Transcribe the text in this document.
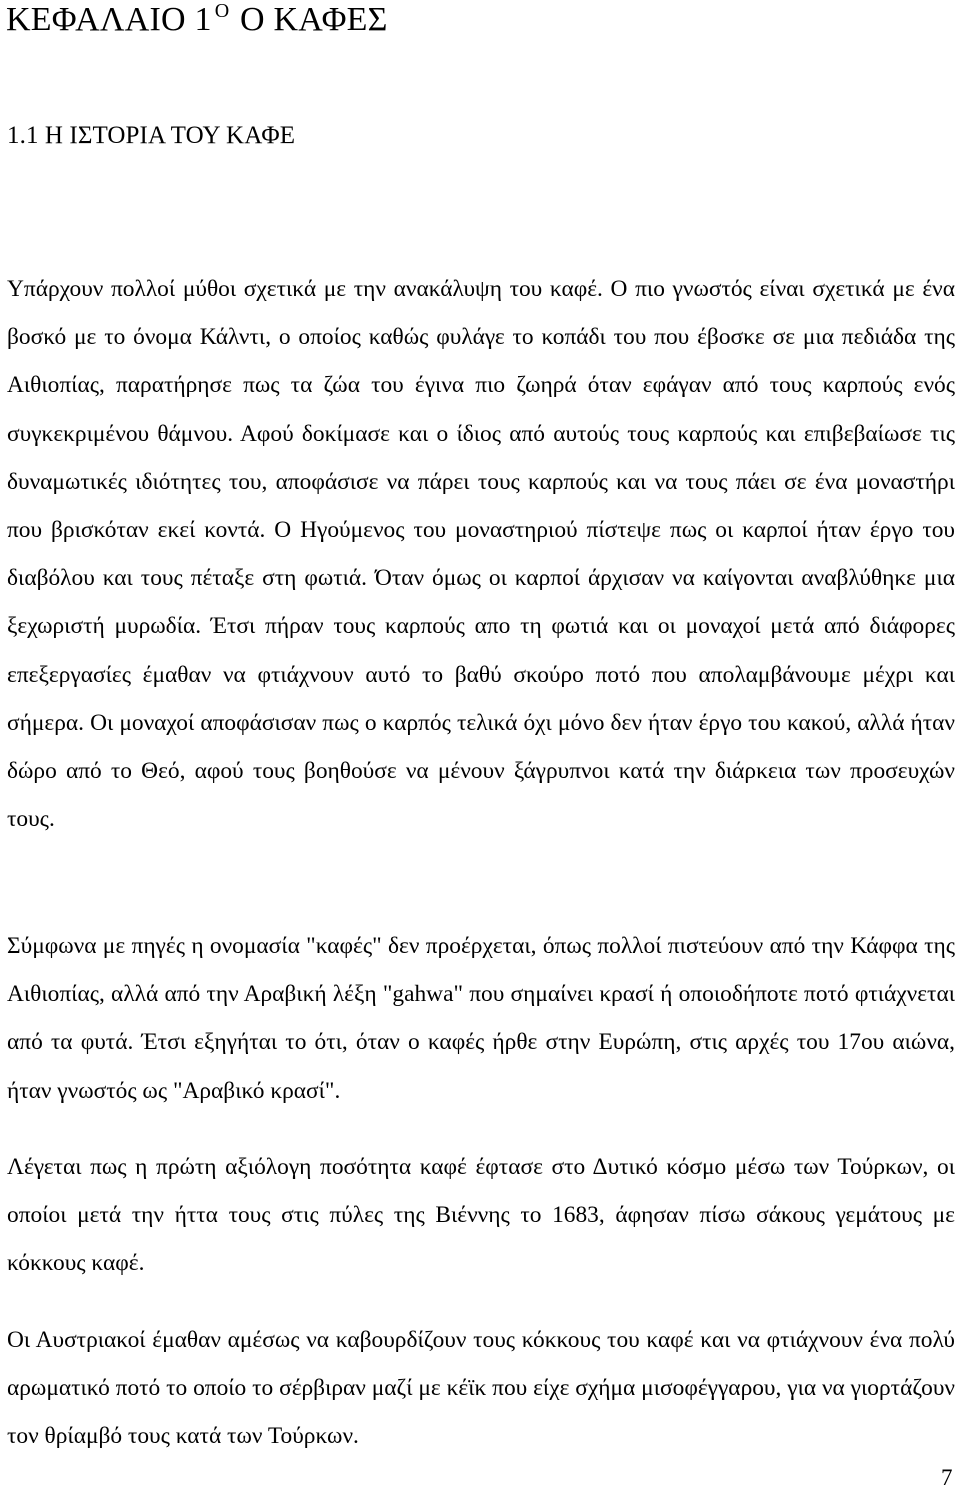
ΚΕΦΑΛΑΙΟ 1 $^O$ Ο ΚΑΦΕΣ
1.1 Η ΙΣΤΟΡΙΑ ΤΟΥ ΚΑΦΕ

Υπάρχουν πολλοί μύθοι σχετικά με την ανακάλυψη του καφέ. Ο πιο γνωστός είναι σχετικά με ένα βοσκό με το όνομα Κάλντι, ο οποίος καθώς φυλάγε το κοπάδι του που έβοσκε σε μια πεδιάδα της Αιθιοπίας, παρατήρησε πως τα ζώα του έγινα πιο ζωηρά όταν εφάγαν από τους καρπούς ενός συγκεκριμένου θάμνου. Αφού δοκίμασε και ο ίδιος από αυτούς τους καρπούς και επιβεβαίωσε τις δυναμωτικές ιδιότητες του, αποφάσισε να πάρει τους καρπούς και να τους πάει σε ένα μοναστήρι που βρισκόταν εκεί κοντά. Ο Ηγούμενος του μοναστηριού πίστεψε πως οι καρποί ήταν έργο του διαβόλου και τους πέταξε στη φωτιά. Όταν όμως οι καρποί άρχισαν να καίγονται αναβλύθηκε μια ξεχωριστή μυρωδία. Έτσι πήραν τους καρπούς απο τη φωτιά και οι μοναχοί μετά από διάφορες επεξεργασίες έμαθαν να φτιάχνουν αυτό το βαθύ σκούρο ποτό που απολαμβάνουμε μέχρι και σήμερα. Οι μοναχοί αποφάσισαν πως ο καρπός τελικά όχι μόνο δεν ήταν έργο του κακού, αλλά ήταν δώρο από το Θεό, αφού τους βοηθούσε να μένουν ξάγρυπνοι κατά την διάρκεια των προσευχών τους.

Σύμφωνα με πηγές η ονομασία "καφές" δεν προέρχεται, όπως πολλοί πιστεύουν από την Κάφφα της Αιθιοπίας, αλλά από την Αραβική λέξη "gahwa" που σημαίνει κρασί ή οποιοδήποτε ποτό φτιάχνεται από τα φυτά. Έτσι εξηγήται το ότι, όταν ο καφές ήρθε στην Ευρώπη, στις αρχές του 17ου αιώνα, ήταν γνωστός ως "Αραβικό κρασί".

Λέγεται πως η πρώτη αξιόλογη ποσότητα καφέ έφτασε στο Δυτικό κόσμο μέσω των Τούρκων, οι οποίοι μετά την ήττα τους στις πύλες της Βιέννης το 1683, άφησαν πίσω σάκους γεμάτους με κόκκους καφέ.

Οι Αυστριακοί έμαθαν αμέσως να καβουρδίζουν τους κόκκους του καφέ και να φτιάχνουν ένα πολύ αρωματικό ποτό το οποίο το σέρβιραν μαζί με κέϊκ που είχε σχήμα μισοφέγγαρου, για να γιορτάζουν τον θρίαμβό τους κατά των Τούρκων.

7
